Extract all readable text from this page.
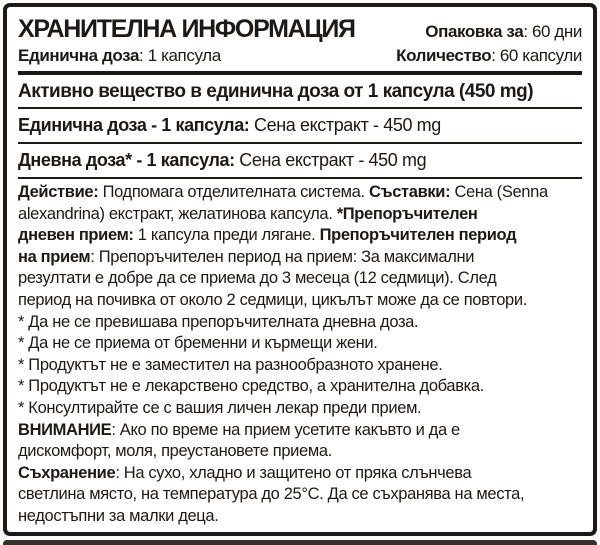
ХРАНИТЕЛНА ИНФОРМАЦИЯ	Опаковка за: 60 дни
Единична доза: 1 капсула	Количество: 60 капсули
Активно вещество в единична доза от 1 капсула (450 mg)
Единична доза - 1 капсула: Сена екстракт - 450 mg
Дневна доза* - 1 капсула: Сена екстракт - 450 mg
Действие: Подпомага отделителната система. Съставки: Сена (Senna
alexandrina) екстракт, желатинова капсула. *Препоръчителен
дневен прием: 1 капсула преди лягане. Препоръчителен период
на прием: Препоръчителен период на прием: За максимални
резултати е добре да се приема до 3 месеца (12 седмици). След
период на почивка от около 2 седмици, цикълът може да се повтори.
* Да не се превишава препоръчителната дневна доза.
* Да не се приема от бременни и кърмещи жени.
* Продуктът не е заместител на разнообразното хранене.
* Продуктът не е лекарствено средство, а хранителна добавка.
* Консултирайте се с вашия личен лекар преди прием.
ВНИМАНИЕ: Ако по време на прием усетите какъвто и да е
дискомфорт, моля, преустановете приема.
Съхранение: На сухо, хладно и защитено от пряка слънчева
светлина място, на температура до 25°C. Да се съхранява на места,
недостъпни за малки деца.
